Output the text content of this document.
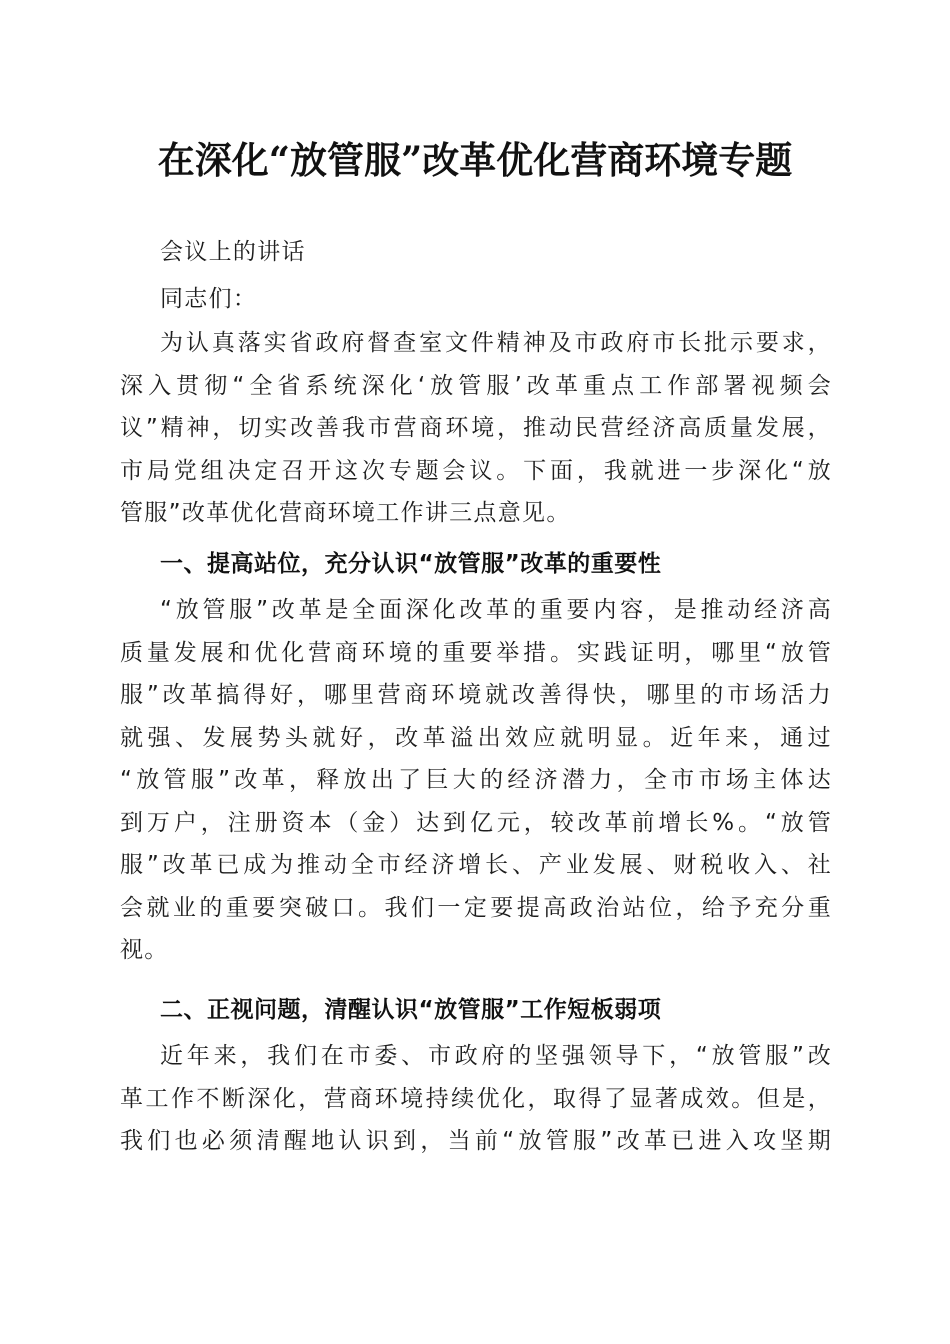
在深化“放管服”改革优化营商环境专题
会议上的讲话
同志们：
为认真落实省政府督查室文件精神及市政府市长批示要求，
深入贯彻“全省系统深化‘放管服’改革重点工作部署视频会
议”精神，切实改善我市营商环境，推动民营经济高质量发展，
市局党组决定召开这次专题会议。下面，我就进一步深化“放
管服”改革优化营商环境工作讲三点意见。
一、提高站位，充分认识“放管服”改革的重要性
“放管服”改革是全面深化改革的重要内容，是推动经济高
质量发展和优化营商环境的重要举措。实践证明，哪里“放管
服”改革搞得好，哪里营商环境就改善得快，哪里的市场活力
就强、发展势头就好，改革溢出效应就明显。近年来，通过
“放管服”改革，释放出了巨大的经济潜力，全市市场主体达
到万户，注册资本（金）达到亿元，较改革前增长%。“放管
服”改革已成为推动全市经济增长、产业发展、财税收入、社
会就业的重要突破口。我们一定要提高政治站位，给予充分重
视。
二、正视问题，清醒认识“放管服”工作短板弱项
近年来，我们在市委、市政府的坚强领导下，“放管服”改
革工作不断深化，营商环境持续优化，取得了显著成效。但是，
我们也必须清醒地认识到，当前“放管服”改革已进入攻坚期
